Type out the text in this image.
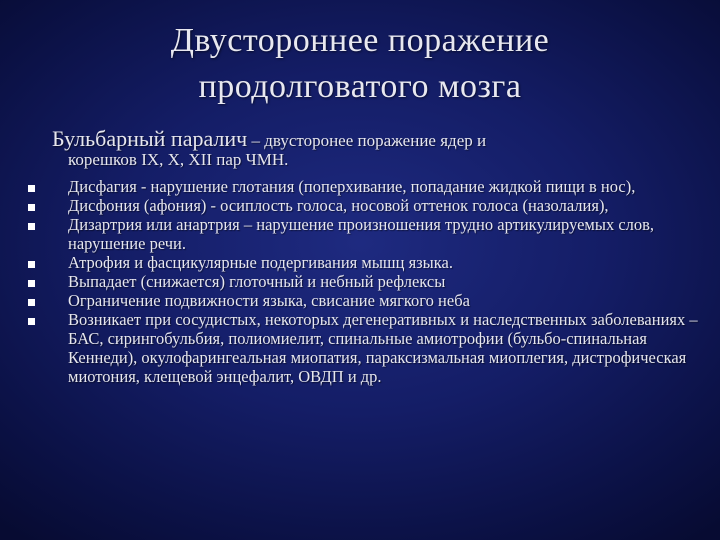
Двустороннее поражение
продолговатого мозга
Бульбарный паралич – двусторонее поражение ядер и
корешков IX, X, XII пар ЧМН.
Дисфагия - нарушение глотания (поперхивание, попадание жидкой пищи в нос),
Дисфония (афония) - осиплость голоса, носовой оттенок голоса (назолалия),
Дизартрия или анартрия – нарушение произношения трудно артикулируемых слов, нарушение речи.
Атрофия и фасцикулярные подергивания мышц языка.
Выпадает (снижается) глоточный и небный рефлексы
Ограничение подвижности языка, свисание мягкого неба
Возникает при сосудистых, некоторых дегенеративных и наследственных заболеваниях – БАС, сирингобульбия, полиомиелит, спинальные амиотрофии (бульбо-спинальная Кеннеди), окулофарингеальная миопатия, параксизмальная миоплегия, дистрофическая миотония, клещевой энцефалит, ОВДП и др.
